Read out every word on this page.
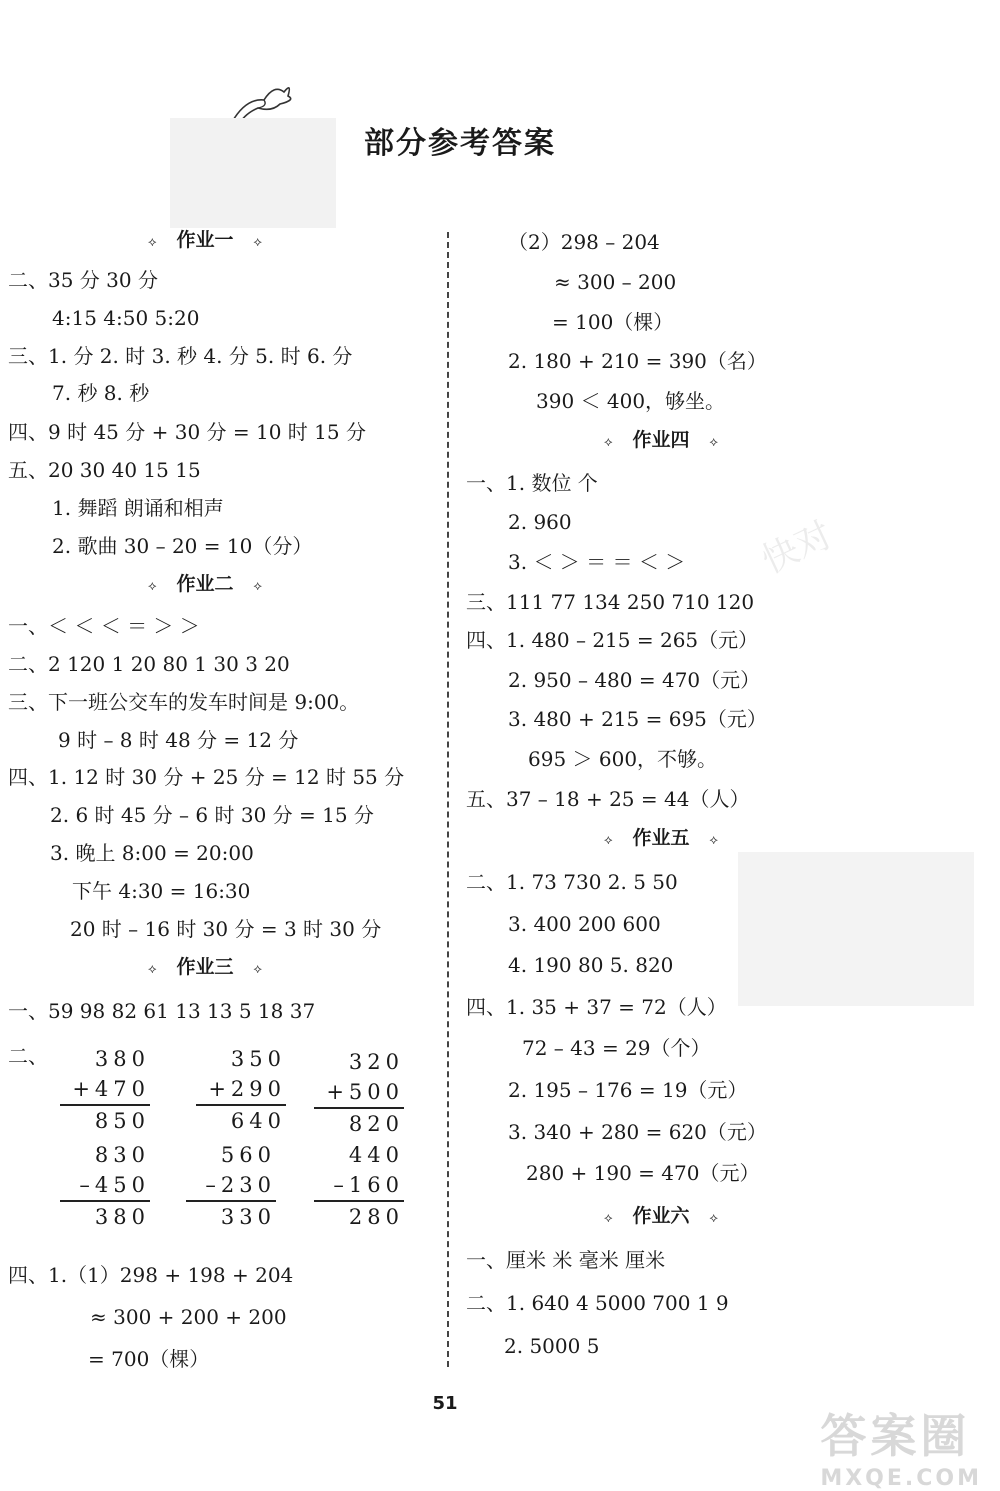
快对
部分参考答案
⟡ 作业一 ⟡
二、35 分 30 分
4:15 4:50 5:20
三、1. 分 2. 时 3. 秒 4. 分 5. 时 6. 分
7. 秒 8. 秒
四、9 时 45 分 + 30 分 = 10 时 15 分
五、20 30 40 15 15
1. 舞蹈 朗诵和相声
2. 歌曲 30 – 20 = 10（分）
⟡ 作业二 ⟡
一、＜ ＜ ＜ ＝ ＞ ＞
二、2 120 1 20 80 1 30 3 20
三、下一班公交车的发车时间是 9:00。
9 时 – 8 时 48 分 = 12 分
四、1. 12 时 30 分 + 25 分 = 12 时 55 分
2. 6 时 45 分 – 6 时 30 分 = 15 分
3. 晚上 8:00 = 20:00
下午 4:30 = 16:30
20 时 – 16 时 30 分 = 3 时 30 分
⟡ 作业三 ⟡
一、59 98 82 61 13 13 5 18 37
二、	380
+470
850
350
+290
640
320
+500
820
830
–450
380
560
–230
330
440
–160
280
四、1.（1）298 + 198 + 204
≈ 300 + 200 + 200
= 700（棵）
（2）298 – 204
≈ 300 – 200
= 100（棵）
2. 180 + 210 = 390（名）
390 ＜ 400，够坐。
⟡ 作业四 ⟡
一、1. 数位 个
2. 960
3. ＜ ＞ ＝ ＝ ＜ ＞
三、111 77 134 250 710 120
四、1. 480 – 215 = 265（元）
2. 950 – 480 = 470（元）
3. 480 + 215 = 695（元）
695 ＞ 600，不够。
五、37 – 18 + 25 = 44（人）
⟡ 作业五 ⟡
二、1. 73 730 2. 5 50
3. 400 200 600
4. 190 80 5. 820
四、1. 35 + 37 = 72（人）
72 – 43 = 29（个）
2. 195 – 176 = 19（元）
3. 340 + 280 = 620（元）
280 + 190 = 470（元）
⟡ 作业六 ⟡
一、厘米 米 毫米 厘米
二、1. 640 4 5000 700 1 9
2. 5000 5
51
答案圈
MXQE.COM
